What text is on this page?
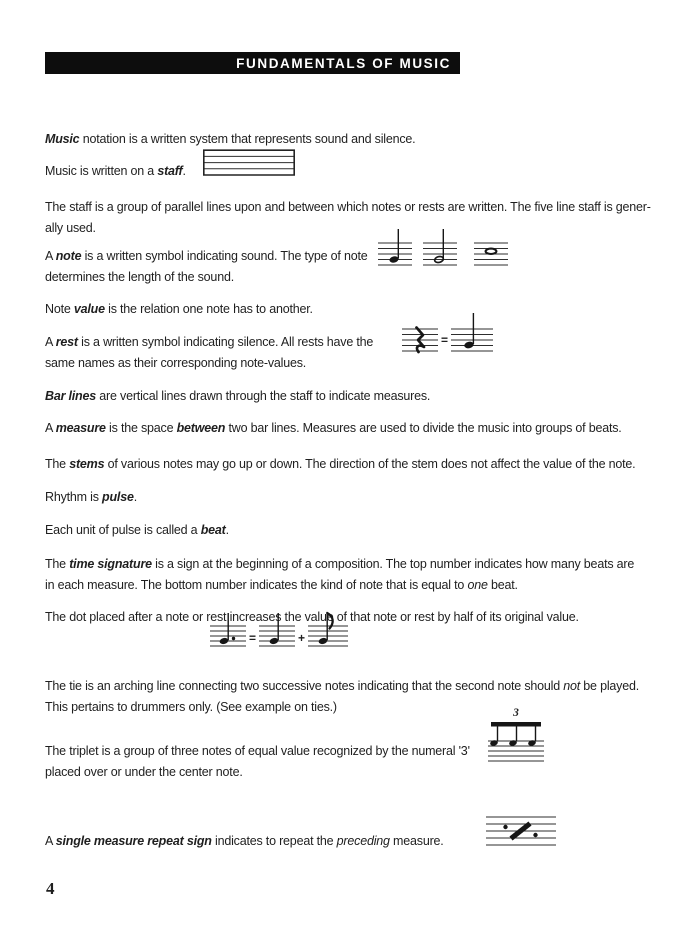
FUNDAMENTALS OF MUSIC

Music notation is a written system that represents sound and silence.

Music is written on a staff.

The staff is a group of parallel lines upon and between which notes or rests are written. The five line staff is gener-
ally used.

A note is a written symbol indicating sound. The type of note
determines the length of the sound.

Note value is the relation one note has to another.

A rest is a written symbol indicating silence. All rests have the
same names as their corresponding note-values.

=

Bar lines are vertical lines drawn through the staff to indicate measures.

A measure is the space between two bar lines. Measures are used to divide the music into groups of beats.

The stems of various notes may go up or down. The direction of the stem does not affect the value of the note.

Rhythm is pulse.

Each unit of pulse is called a beat.

The time signature is a sign at the beginning of a composition. The top number indicates how many beats are
in each measure. The bottom number indicates the kind of note that is equal to one beat.

The dot placed after a note or rest increases the value of that note or rest by half of its original value.

=	+

The tie is an arching line connecting two successive notes indicating that the second note should not be played.
This pertains to drummers only. (See example on ties.)

The triplet is a group of three notes of equal value recognized by the numeral '3'
placed over or under the center note.

3

A single measure repeat sign indicates to repeat the preceding measure.

4
